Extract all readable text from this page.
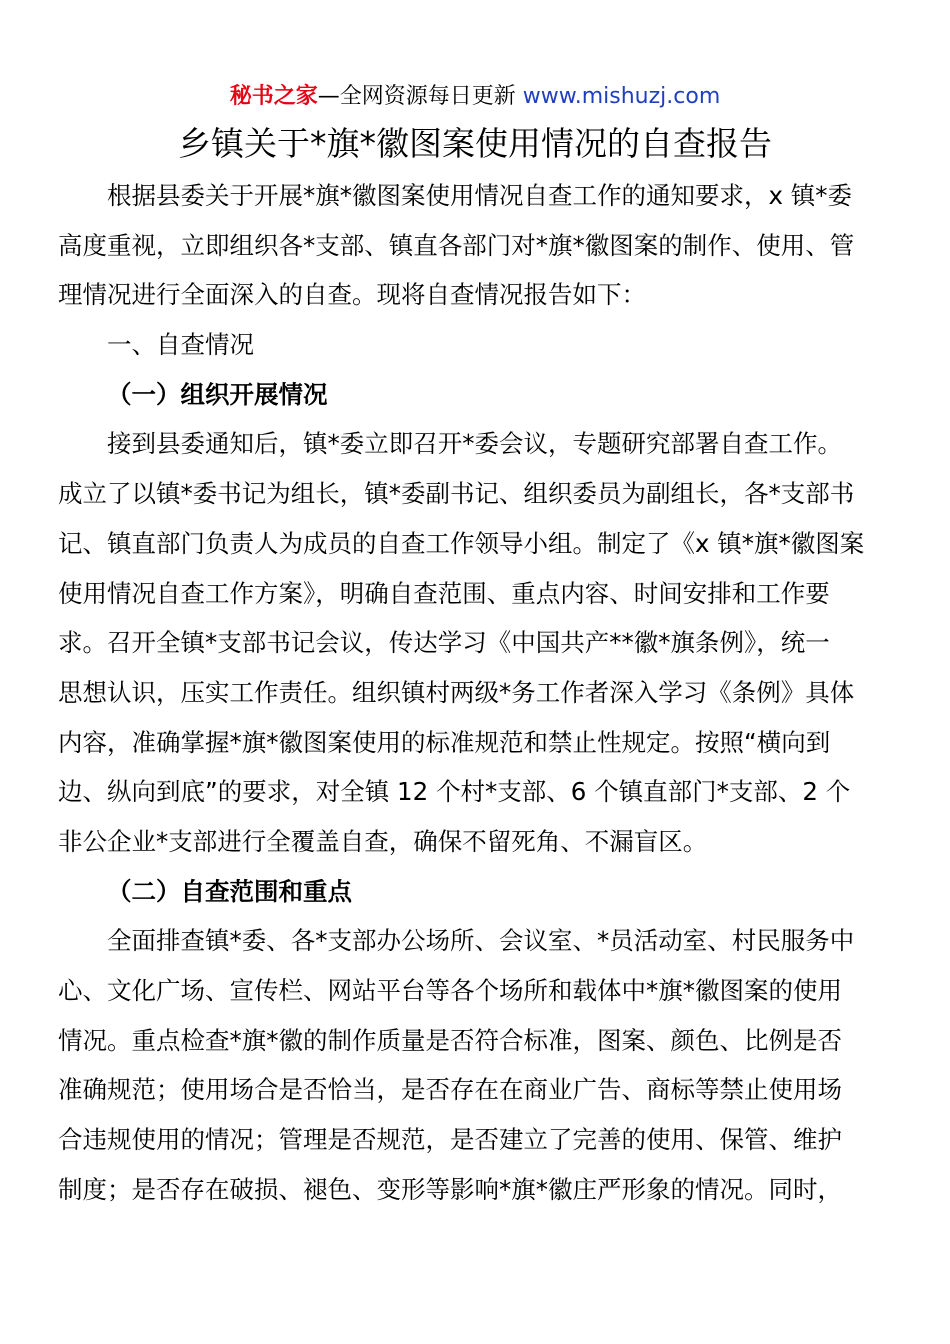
秘书之家—全网资源每日更新 www.mishuzj.com
乡镇关于*旗*徽图案使用情况的自查报告
根据县委关于开展*旗*徽图案使用情况自查工作的通知要求，x 镇*委
高度重视，立即组织各*支部、镇直各部门对*旗*徽图案的制作、使用、管
理情况进行全面深入的自查。现将自查情况报告如下：
一、自查情况
（一）组织开展情况
接到县委通知后，镇*委立即召开*委会议，专题研究部署自查工作。
成立了以镇*委书记为组长，镇*委副书记、组织委员为副组长，各*支部书
记、镇直部门负责人为成员的自查工作领导小组。制定了《x 镇*旗*徽图案
使用情况自查工作方案》，明确自查范围、重点内容、时间安排和工作要
求。召开全镇*支部书记会议，传达学习《中国共产**徽*旗条例》，统一
思想认识，压实工作责任。组织镇村两级*务工作者深入学习《条例》具体
内容，准确掌握*旗*徽图案使用的标准规范和禁止性规定。按照“横向到
边、纵向到底”的要求，对全镇 12 个村*支部、6 个镇直部门*支部、2 个
非公企业*支部进行全覆盖自查，确保不留死角、不漏盲区。
（二）自查范围和重点
全面排查镇*委、各*支部办公场所、会议室、*员活动室、村民服务中
心、文化广场、宣传栏、网站平台等各个场所和载体中*旗*徽图案的使用
情况。重点检查*旗*徽的制作质量是否符合标准，图案、颜色、比例是否
准确规范；使用场合是否恰当，是否存在在商业广告、商标等禁止使用场
合违规使用的情况；管理是否规范，是否建立了完善的使用、保管、维护
制度；是否存在破损、褪色、变形等影响*旗*徽庄严形象的情况。同时，
